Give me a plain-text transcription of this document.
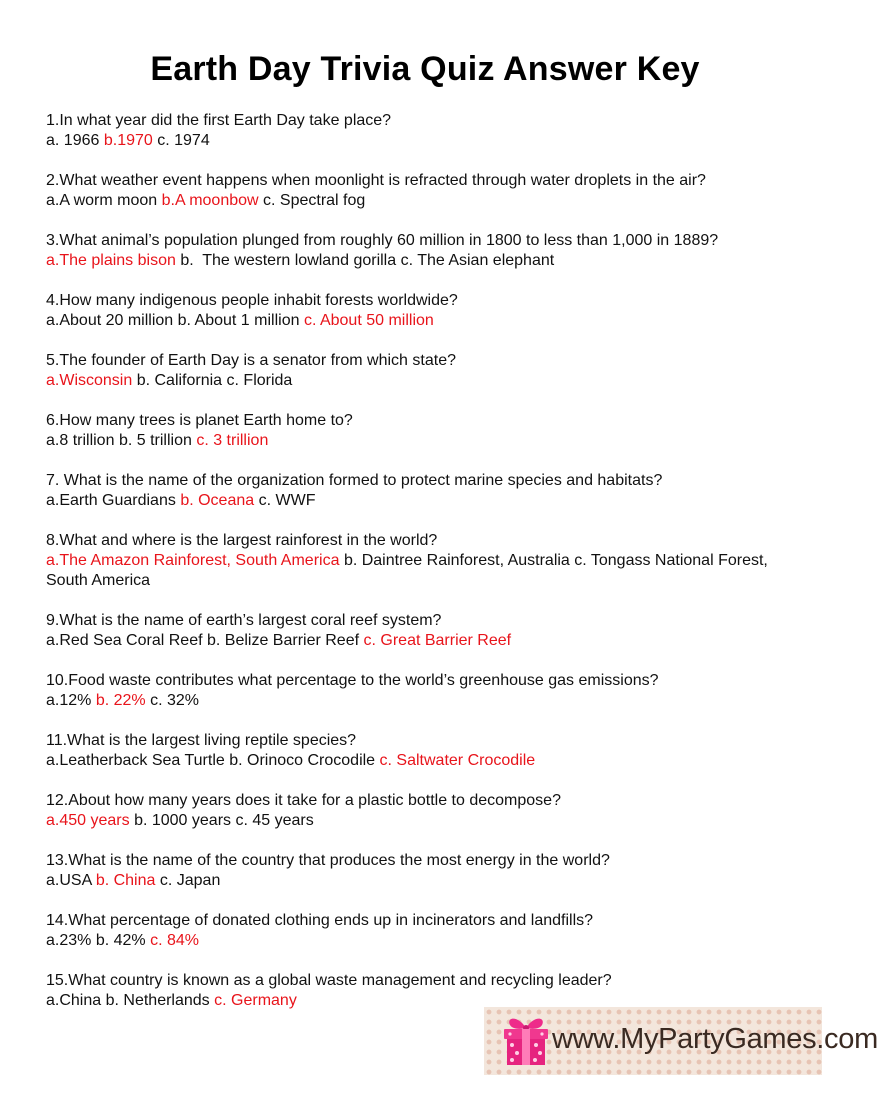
Earth Day Trivia Quiz Answer Key

1.In what year did the first Earth Day take place?

a. 1966 b.1970 c. 1974

2.What weather event happens when moonlight is refracted through water droplets in the air?

a.A worm moon b.A moonbow c. Spectral fog

3.What animal’s population plunged from roughly 60 million in 1800 to less than 1,000 in 1889?

a.The plains bison b.  The western lowland gorilla c. The Asian elephant

4.How many indigenous people inhabit forests worldwide?

a.About 20 million b. About 1 million c. About 50 million

5.The founder of Earth Day is a senator from which state?

a.Wisconsin b. California c. Florida

6.How many trees is planet Earth home to?

a.8 trillion b. 5 trillion c. 3 trillion

7. What is the name of the organization formed to protect marine species and habitats?

a.Earth Guardians b. Oceana c. WWF

8.What and where is the largest rainforest in the world?

a.The Amazon Rainforest, South America b. Daintree Rainforest, Australia c. Tongass National Forest, South America

9.What is the name of earth’s largest coral reef system?

a.Red Sea Coral Reef b. Belize Barrier Reef c. Great Barrier Reef

10.Food waste contributes what percentage to the world’s greenhouse gas emissions?

a.12% b. 22% c. 32%

11.What is the largest living reptile species?

a.Leatherback Sea Turtle b. Orinoco Crocodile c. Saltwater Crocodile

12.About how many years does it take for a plastic bottle to decompose?

a.450 years b. 1000 years c. 45 years

13.What is the name of the country that produces the most energy in the world?

a.USA b. China c. Japan

14.What percentage of donated clothing ends up in incinerators and landfills?

a.23% b. 42% c. 84%

15.What country is known as a global waste management and recycling leader?

a.China b. Netherlands c. Germany

www.MyPartyGames.com
